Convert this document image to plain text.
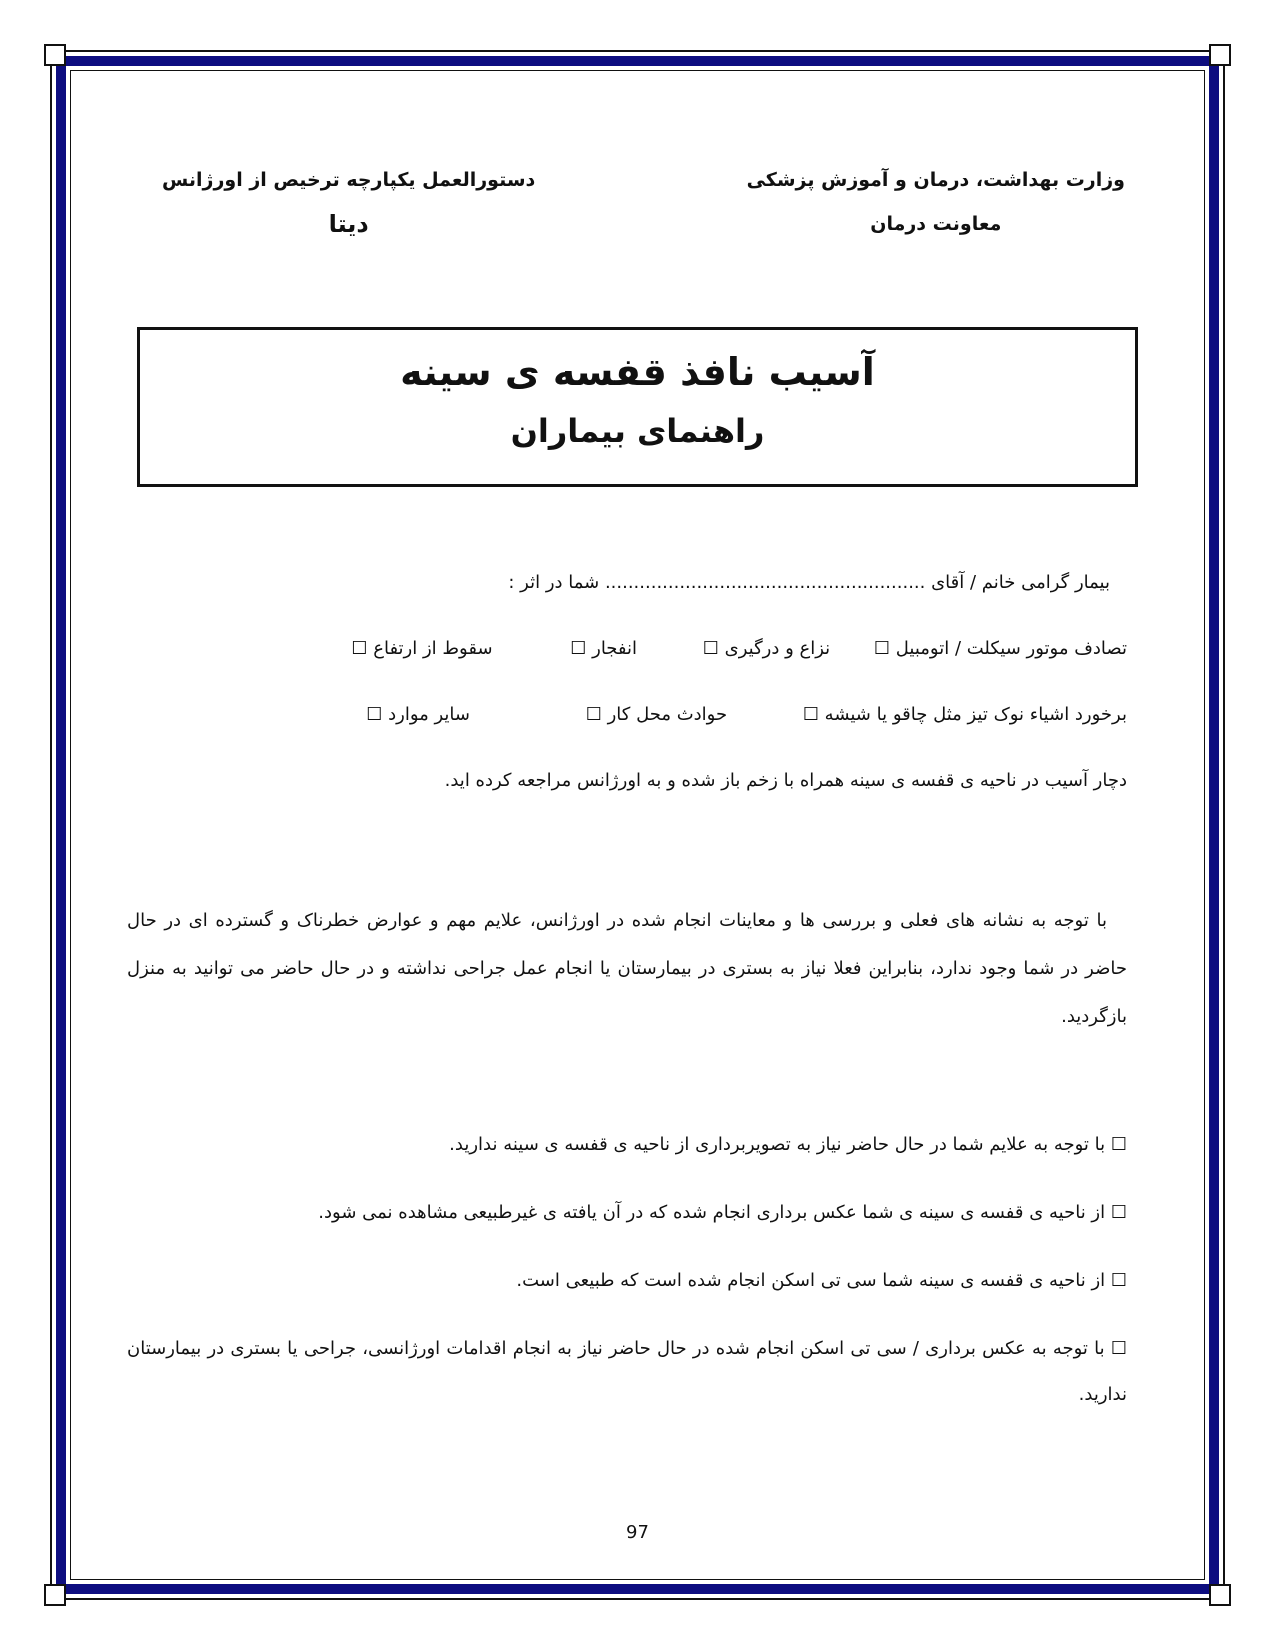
وزارت بهداشت، درمان و آموزش پزشکی
معاونت درمان
دستورالعمل یکپارچه ترخیص از اورژانس
دیتا
آسیب نافذ قفسه ی سینه
راهنمای بیماران
بیمار گرامی خانم / آقای ........................................................ شما در اثر :
تصادف موتور سیکلت / اتومبیل ☐ نزاع و درگیری ☐ انفجار ☐ سقوط از ارتفاع ☐
برخورد اشیاء نوک تیز مثل چاقو یا شیشه ☐ حوادث محل کار ☐ سایر موارد ☐
دچار آسیب در ناحیه ی قفسه ی سینه همراه با زخم باز شده و به اورژانس مراجعه کرده اید.
با توجه به نشانه های فعلی و بررسی ها و معاینات انجام شده در اورژانس، علایم مهم و عوارض خطرناک و گسترده ای در حال حاضر در شما وجود ندارد، بنابراین فعلا نیاز به بستری در بیمارستان یا انجام عمل جراحی نداشته و در حال حاضر می توانید به منزل بازگردید.
☐ با توجه به علایم شما در حال حاضر نیاز به تصویربرداری از ناحیه ی قفسه ی سینه ندارید.
☐ از ناحیه ی قفسه ی سینه ی شما عکس برداری انجام شده که در آن یافته ی غیرطبیعی مشاهده نمی شود.
☐ از ناحیه ی قفسه ی سینه شما سی تی اسکن انجام شده است که طبیعی است.
☐ با توجه به عکس برداری / سی تی اسکن انجام شده در حال حاضر نیاز به انجام اقدامات اورژانسی، جراحی یا بستری در بیمارستان ندارید.
97
